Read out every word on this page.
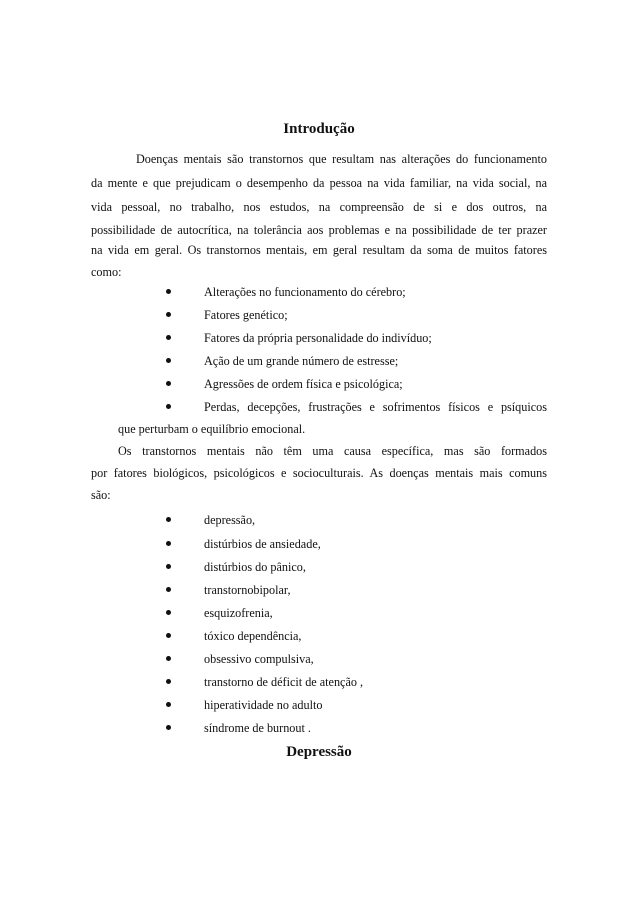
Introdução
Doenças mentais são transtornos que resultam nas alterações do funcionamento
da mente e que prejudicam o desempenho da pessoa na vida familiar, na vida social, na
vida pessoal, no trabalho, nos estudos, na compreensão de si e dos outros, na
possibilidade de autocrítica, na tolerância aos problemas e na possibilidade de ter prazer
na vida em geral. Os transtornos mentais, em geral resultam da soma de muitos fatores
como:
Alterações no funcionamento do cérebro;
Fatores genético;
Fatores da própria personalidade do indivíduo;
Ação de um grande número de estresse;
Agressões de ordem física e psicológica;
Perdas, decepções, frustrações e sofrimentos físicos e psíquicos
que perturbam o equilíbrio emocional.
Os transtornos mentais não têm uma causa específica, mas são formados
por fatores biológicos, psicológicos e socioculturais. As doenças mentais mais comuns
são:
depressão,
distúrbios de ansiedade,
distúrbios do pânico,
transtornobipolar,
esquizofrenia,
tóxico dependência,
obsessivo compulsiva,
transtorno de déficit de atenção ,
hiperatividade no adulto
síndrome de burnout .
Depressão
